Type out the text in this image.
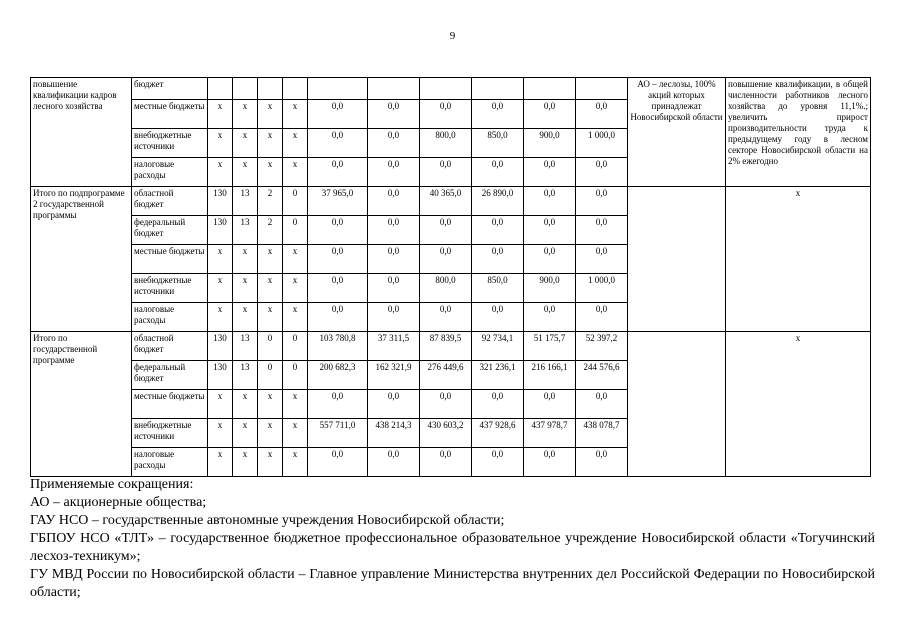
9
повышение квалификации кадров лесного хозяйства	бюджет											АО – леслозы, 100% акций которых принадлежат Новосибирской области	повышение квалификации, в общей численности работников лесного хозяйства до уровня 11,1%.; увеличить прирост производительности труда к предыдущему году в лесном секторе Новосибирской области на 2% ежегодно
	местные бюджеты	х	х	х	х	0,0	0,0	0,0	0,0	0,0	0,0		
	внебюджетные источники	х	х	х	х	0,0	0,0	800,0	850,0	900,0	1 000,0		
	налоговые расходы	х	х	х	х	0,0	0,0	0,0	0,0	0,0	0,0		
Итого по подпрограмме 2 государственной программы	областной бюджет	130	13	2	0	37 965,0	0,0	40 365,0	26 890,0	0,0	0,0		х
	федеральный бюджет	130	13	2	0	0,0	0,0	0,0	0,0	0,0	0,0		
	местные бюджеты	х	х	х	х	0,0	0,0	0,0	0,0	0,0	0,0		
	внебюджетные источники	х	х	х	х	0,0	0,0	800,0	850,0	900,0	1 000,0		
	налоговые расходы	х	х	х	х	0,0	0,0	0,0	0,0	0,0	0,0		
Итого по государственной программе	областной бюджет	130	13	0	0	103 780,8	37 311,5	87 839,5	92 734,1	51 175,7	52 397,2		х
	федеральный бюджет	130	13	0	0	200 682,3	162 321,9	276 449,6	321 236,1	216 166,1	244 576,6		
	местные бюджеты	х	х	х	х	0,0	0,0	0,0	0,0	0,0	0,0		
	внебюджетные источники	х	х	х	х	557 711,0	438 214,3	430 603,2	437 928,6	437 978,7	438 078,7		
	налоговые расходы	х	х	х	х	0,0	0,0	0,0	0,0	0,0	0,0		

Применяемые сокращения:

АО – акционерные общества;

ГАУ НСО – государственные автономные учреждения Новосибирской области;

ГБПОУ НСО «ТЛТ» – государственное бюджетное профессиональное образовательное учреждение Новосибирской области «Тогучинский лесхоз-техникум»;

ГУ МВД России по Новосибирской области – Главное управление Министерства внутренних дел Российской Федерации по Новосибирской области;
